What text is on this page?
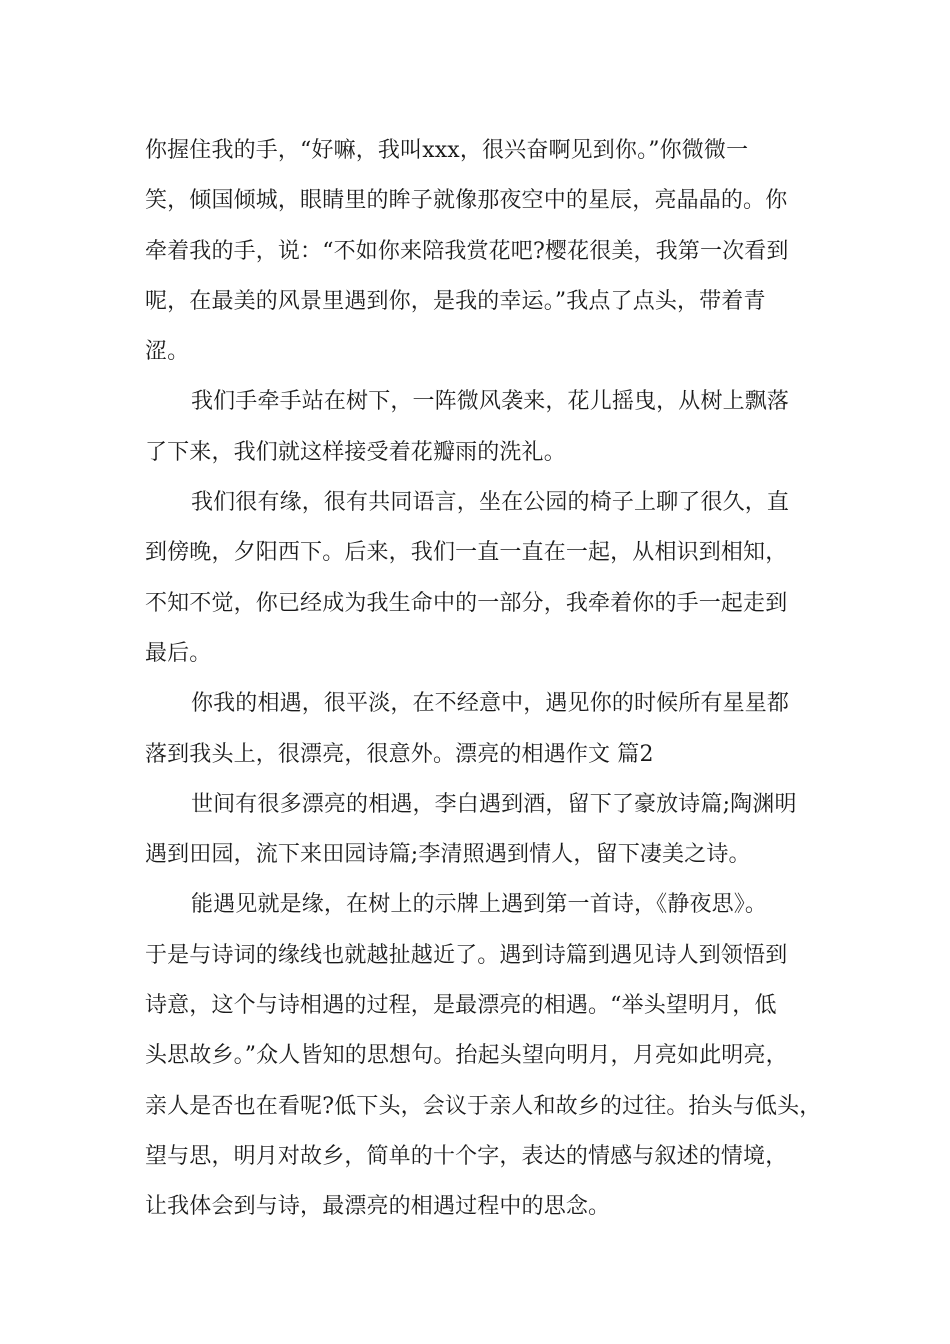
你握住我的手，“好嘛，我叫xxx，很兴奋啊见到你。”你微微一
笑，倾国倾城，眼睛里的眸子就像那夜空中的星辰，亮晶晶的。你
牵着我的手，说：“不如你来陪我赏花吧?樱花很美，我第一次看到
呢，在最美的风景里遇到你，是我的幸运。”我点了点头，带着青
涩。
我们手牵手站在树下，一阵微风袭来，花儿摇曳，从树上飘落
了下来，我们就这样接受着花瓣雨的洗礼。
我们很有缘，很有共同语言，坐在公园的椅子上聊了很久，直
到傍晚，夕阳西下。后来，我们一直一直在一起，从相识到相知，
不知不觉，你已经成为我生命中的一部分，我牵着你的手一起走到
最后。
你我的相遇，很平淡，在不经意中，遇见你的时候所有星星都
落到我头上，很漂亮，很意外。漂亮的相遇作文 篇2
世间有很多漂亮的相遇，李白遇到酒，留下了豪放诗篇;陶渊明
遇到田园，流下来田园诗篇;李清照遇到情人，留下凄美之诗。
能遇见就是缘，在树上的示牌上遇到第一首诗，《静夜思》。
于是与诗词的缘线也就越扯越近了。遇到诗篇到遇见诗人到领悟到
诗意，这个与诗相遇的过程，是最漂亮的相遇。“举头望明月，低
头思故乡。”众人皆知的思想句。抬起头望向明月，月亮如此明亮，
亲人是否也在看呢?低下头，会议于亲人和故乡的过往。抬头与低头，
望与思，明月对故乡，简单的十个字，表达的情感与叙述的情境，
让我体会到与诗，最漂亮的相遇过程中的思念。
